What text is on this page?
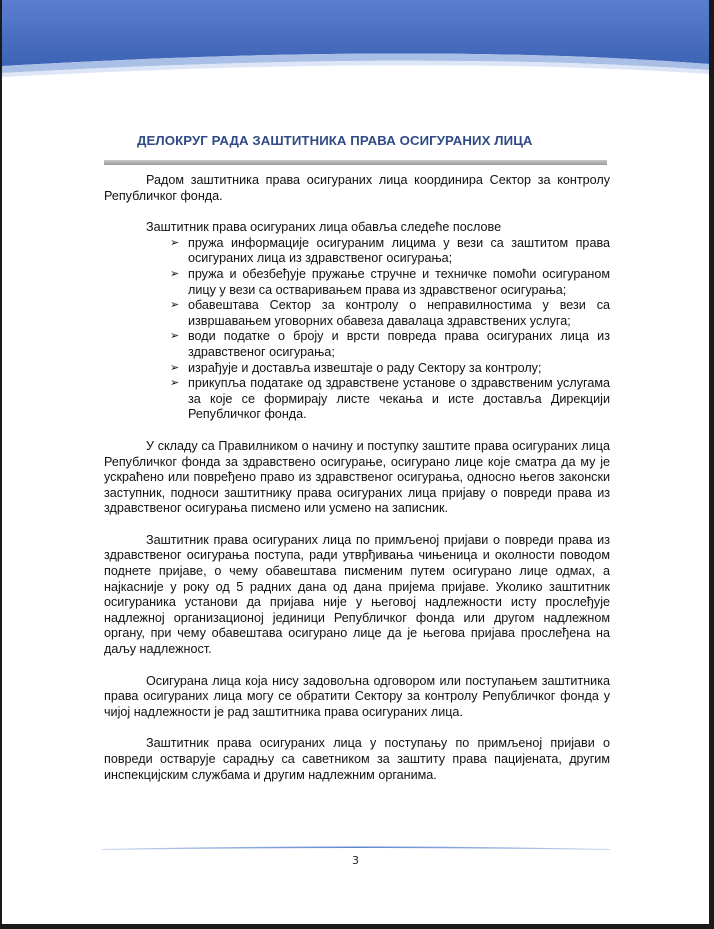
ДЕЛОКРУГ РАДА ЗАШТИТНИКА ПРАВА ОСИГУРАНИХ ЛИЦА

Радом заштитника права осигураних лица координира Сектор за контролу Републичког фонда.

Заштитник права осигураних лица обавља следеће послове

➢ пружа информације осигураним лицима у вези са заштитом права осигураних лица из здравственог осигурања;
➢ пружа и обезбеђује пружање стручне и техничке помоћи осигураном лицу у вези са остваривањем права из здравственог осигурања;
➢ обавештава Сектор за контролу о неправилностима у вези са извршавањем уговорних обавеза давалаца здравствених услуга;
➢ води податке о броју и врсти повреда права осигураних лица из здравственог осигурања;
➢ израђује и доставља извештаје о раду Сектору за контролу;
➢ прикупља податаке од здравствене установе о здравственим услугама за које се формирају листе чекања и исте доставља Дирекцији Републичког фонда.

У складу са Правилником о начину и поступку заштите права осигураних лица Републичког фонда за здравствено осигурање, осигурано лице које сматра да му је ускраћено или повређено право из здравственог осигурања, односно његов законски заступник, подноси заштитнику права осигураних лица пријаву о повреди права из здравственог осигурања писмено или усмено на записник.

Заштитник права осигураних лица по примљеној пријави о повреди права из здравственог осигурања поступа, ради утврђивања чињеница и околности поводом поднете пријаве, о чему обавештава писменим путем осигурано лице одмах, а најкасније у року од 5 радних дана од дана пријема пријаве. Уколико заштитник осигураника установи да пријава није у његовој надлежности исту прослеђује надлежној организационој јединици Републичког фонда или другом надлежном органу, при чему обавештава осигурано лице да је његова пријава прослеђена на даљу надлежност.

Осигурана лица која нису задовољна одговором или поступањем заштитника права осигураних лица могу се обратити Сектору за контролу Републичког фонда у чијој надлежности је рад заштитника права осигураних лица.

Заштитник права осигураних лица у поступању по примљеној пријави о повреди остварује сарадњу са саветником за заштиту права пацијената, другим инспекцијским службама и другим надлежним органима.

3
